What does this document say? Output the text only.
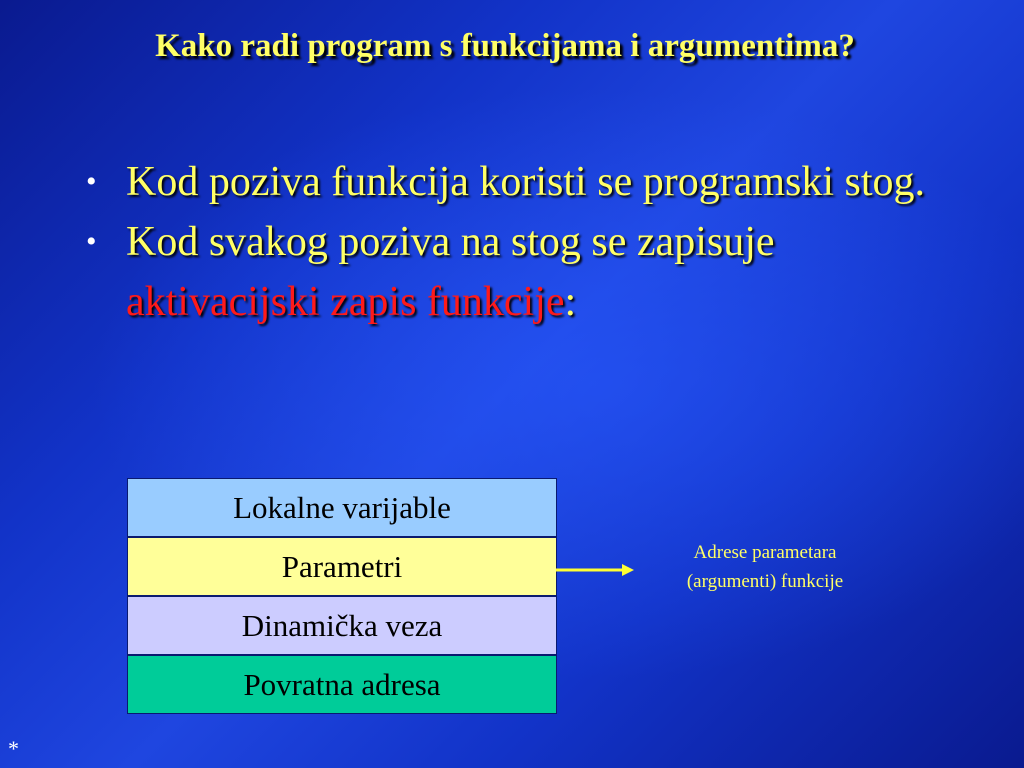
Kako radi program s funkcijama i argumentima?
• Kod poziva funkcija koristi se programski stog.
• Kod svakog poziva na stog se zapisuje aktivacijski zapis funkcije:
Lokalne varijable
Parametri
Dinamička veza
Povratna adresa
Adrese parametara
(argumenti) funkcije
*
